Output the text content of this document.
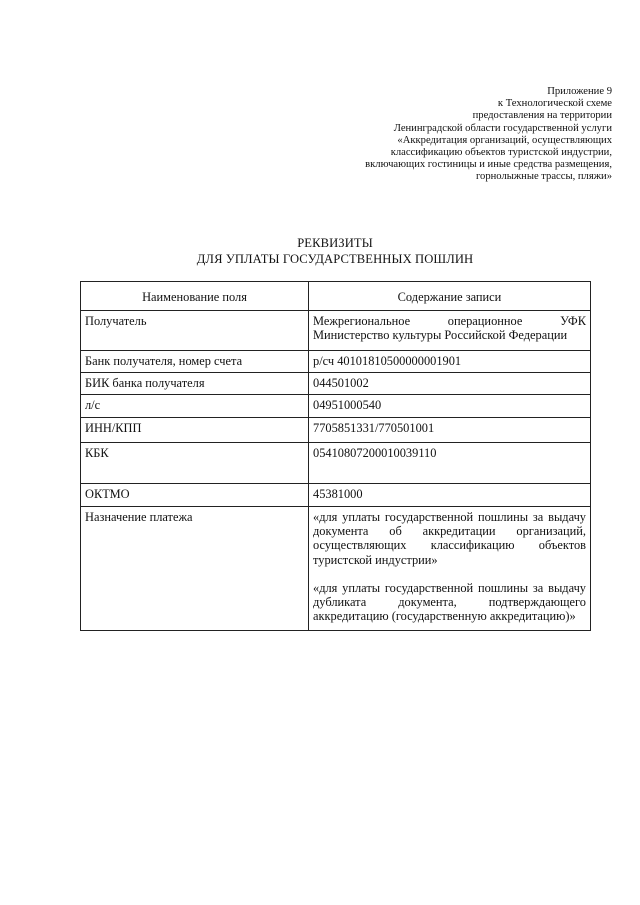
Приложение 9
к Технологической схеме
предоставления на территории
Ленинградской области государственной услуги
«Аккредитация организаций, осуществляющих
классификацию объектов туристской индустрии,
включающих гостиницы и иные средства размещения,
горнолыжные трассы, пляжи»
РЕКВИЗИТЫ
ДЛЯ УПЛАТЫ ГОСУДАРСТВЕННЫХ ПОШЛИН
Наименование поля	Содержание записи
Получатель	Межрегиональное операционное УФК Министерство культуры Российской Федерации
Банк получателя, номер счета	р/сч 40101810500000001901
БИК банка получателя	044501002
л/с	04951000540
ИНН/КПП	7705851331/770501001
КБК	05410807200010039110
ОКТМО	45381000
Назначение платежа	«для уплаты государственной пошлины за выдачу документа об аккредитации организаций, осуществляющих классификацию объектов туристской индустрии»
«для уплаты государственной пошлины за выдачу дубликата документа, подтверждающего аккредитацию (государственную аккредитацию)»
